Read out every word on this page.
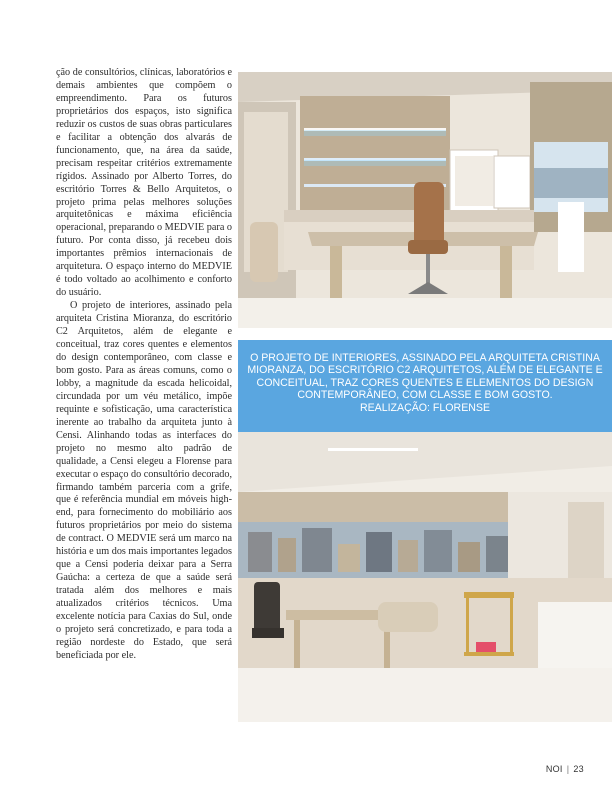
ção de consultórios, clínicas, laboratórios e demais ambientes que compõem o empreendimento. Para os futuros proprietários dos espaços, isto significa reduzir os custos de suas obras particulares e facilitar a obtenção dos alvarás de funcionamento, que, na área da saúde, precisam respeitar critérios extremamente rígidos. Assinado por Alberto Torres, do escritório Torres & Bello Arquitetos, o projeto prima pelas melhores soluções arquitetônicas e máxima eficiência operacional, preparando o MEDVIE para o futuro. Por conta disso, já recebeu dois importantes prêmios internacionais de arquitetura. O espaço interno do MEDVIE é todo voltado ao acolhimento e conforto do usuário.

O projeto de interiores, assinado pela arquiteta Cristina Mioranza, do escritório C2 Arquitetos, além de elegante e conceitual, traz cores quentes e elementos do design contemporâneo, com classe e bom gosto. Para as áreas comuns, como o lobby, a magnitude da escada helicoidal, circundada por um véu metálico, impõe requinte e sofisticação, uma característica inerente ao trabalho da arquiteta junto à Censi. Alinhando todas as interfaces do projeto no mesmo alto padrão de qualidade, a Censi elegeu a Florense para executar o espaço do consultório decorado, firmando também parceria com a grife, que é referência mundial em móveis high-end, para fornecimento do mobiliário aos futuros proprietários por meio do sistema de contract. O MEDVIE será um marco na história e um dos mais importantes legados que a Censi poderia deixar para a Serra Gaúcha: a certeza de que a saúde será tratada além dos melhores e mais atualizados critérios técnicos. Uma excelente notícia para Caxias do Sul, onde o projeto será concretizado, e para toda a região nordeste do Estado, que será beneficiada por ele.

O PROJETO DE INTERIORES, ASSINADO PELA ARQUITETA CRISTINA MIORANZA, DO ESCRITÓRIO C2 ARQUITETOS, ALÉM DE ELEGANTE E CONCEITUAL, TRAZ CORES QUENTES E ELEMENTOS DO DESIGN CONTEMPORÂNEO, COM CLASSE E BOM GOSTO.
REALIZAÇÃO: FLORENSE
NOI | 23
